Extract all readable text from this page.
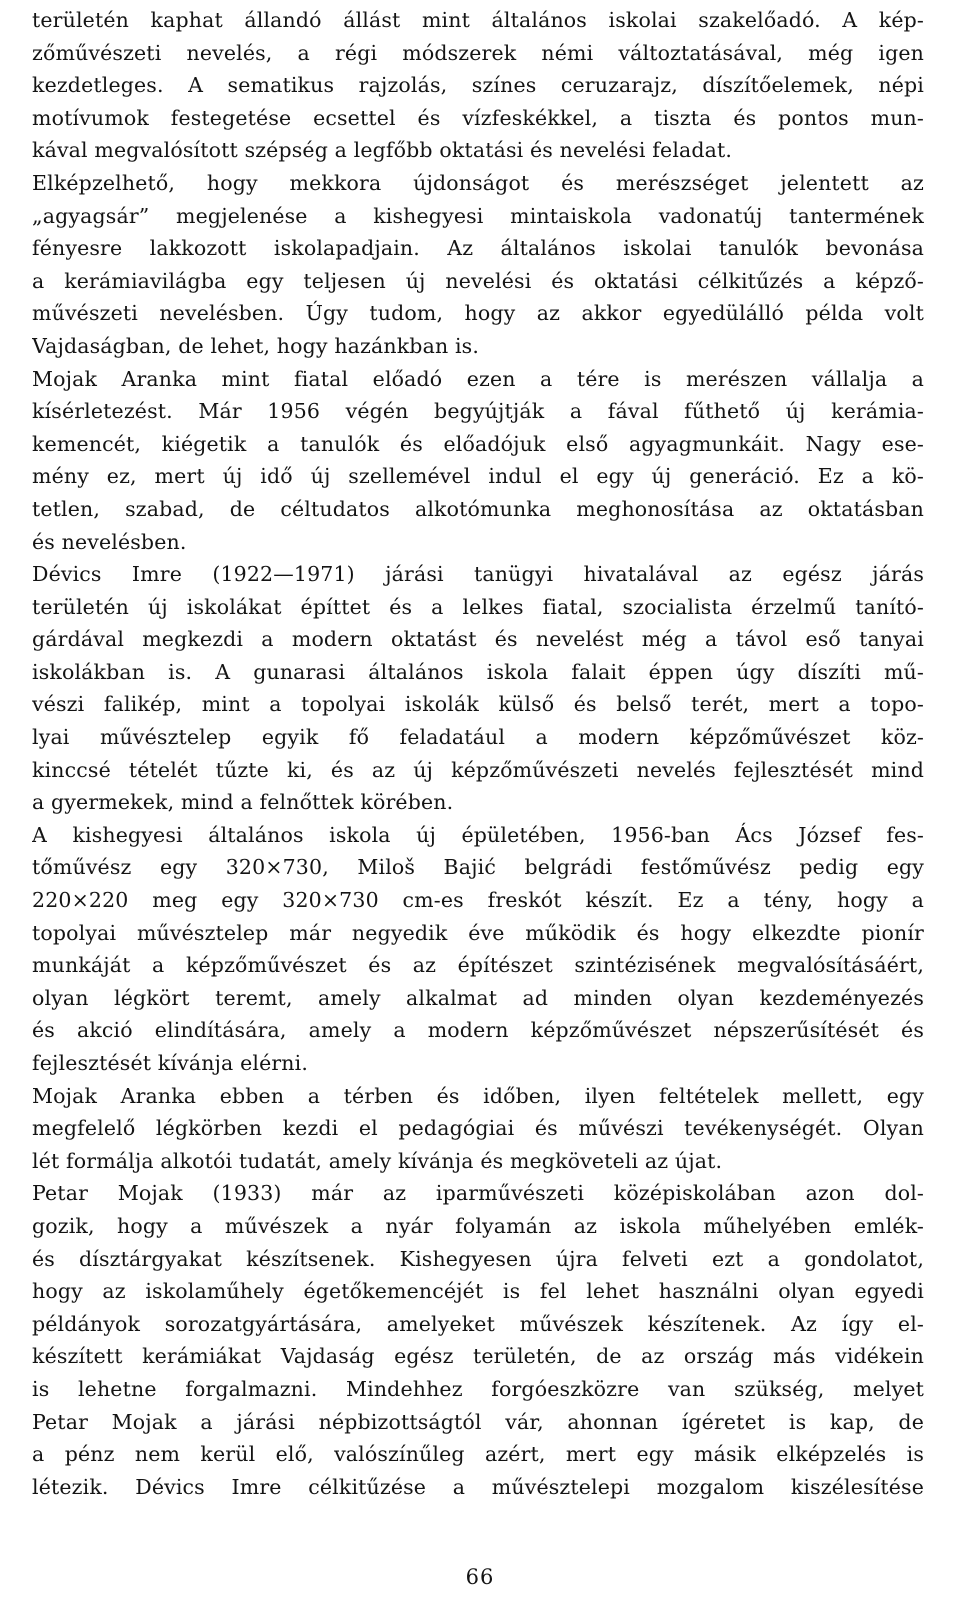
területén kaphat állandó állást mint általános iskolai szakelőadó. A kép-
zőművészeti nevelés, a régi módszerek némi változtatásával, még igen
kezdetleges. A sematikus rajzolás, színes ceruzarajz, díszítőelemek, népi
motívumok festegetése ecsettel és vízfeskékkel, a tiszta és pontos mun-
kával megvalósított szépség a legfőbb oktatási és nevelési feladat.
Elképzelhető, hogy mekkora újdonságot és merészséget jelentett az
„agyagsár” megjelenése a kishegyesi mintaiskola vadonatúj tantermének
fényesre lakkozott iskolapadjain. Az általános iskolai tanulók bevonása
a kerámiavilágba egy teljesen új nevelési és oktatási célkitűzés a képző-
művészeti nevelésben. Úgy tudom, hogy az akkor egyedülálló példa volt
Vajdaságban, de lehet, hogy hazánkban is.
Mojak Aranka mint fiatal előadó ezen a tére is merészen vállalja a
kísérletezést. Már 1956 végén begyújtják a fával fűthető új kerámia-
kemencét, kiégetik a tanulók és előadójuk első agyagmunkáit. Nagy ese-
mény ez, mert új idő új szellemével indul el egy új generáció. Ez a kö-
tetlen, szabad, de céltudatos alkotómunka meghonosítása az oktatásban
és nevelésben.
Dévics Imre (1922—1971) járási tanügyi hivatalával az egész járás
területén új iskolákat építtet és a lelkes fiatal, szocialista érzelmű tanító-
gárdával megkezdi a modern oktatást és nevelést még a távol eső tanyai
iskolákban is. A gunarasi általános iskola falait éppen úgy díszíti mű-
vészi falikép, mint a topolyai iskolák külső és belső terét, mert a topo-
lyai művésztelep egyik fő feladatául a modern képzőművészet köz-
kinccsé tételét tűzte ki, és az új képzőművészeti nevelés fejlesztését mind
a gyermekek, mind a felnőttek körében.
A kishegyesi általános iskola új épületében, 1956-ban Ács József fes-
tőművész egy 320×730, Miloš Bajić belgrádi festőművész pedig egy
220×220 meg egy 320×730 cm-es freskót készít. Ez a tény, hogy a
topolyai művésztelep már negyedik éve működik és hogy elkezdte pionír
munkáját a képzőművészet és az építészet szintézisének megvalósításáért,
olyan légkört teremt, amely alkalmat ad minden olyan kezdeményezés
és akció elindítására, amely a modern képzőművészet népszerűsítését és
fejlesztését kívánja elérni.
Mojak Aranka ebben a térben és időben, ilyen feltételek mellett, egy
megfelelő légkörben kezdi el pedagógiai és művészi tevékenységét. Olyan
lét formálja alkotói tudatát, amely kívánja és megköveteli az újat.
Petar Mojak (1933) már az iparművészeti középiskolában azon dol-
gozik, hogy a művészek a nyár folyamán az iskola műhelyében emlék-
és dísztárgyakat készítsenek. Kishegyesen újra felveti ezt a gondolatot,
hogy az iskolaműhely égetőkemencéjét is fel lehet használni olyan egyedi
példányok sorozatgyártására, amelyeket művészek készítenek. Az így el-
készített kerámiákat Vajdaság egész területén, de az ország más vidékein
is lehetne forgalmazni. Mindehhez forgóeszközre van szükség, melyet
Petar Mojak a járási népbizottságtól vár, ahonnan ígéretet is kap, de
a pénz nem kerül elő, valószínűleg azért, mert egy másik elképzelés is
létezik. Dévics Imre célkitűzése a művésztelepi mozgalom kiszélesítése
66
